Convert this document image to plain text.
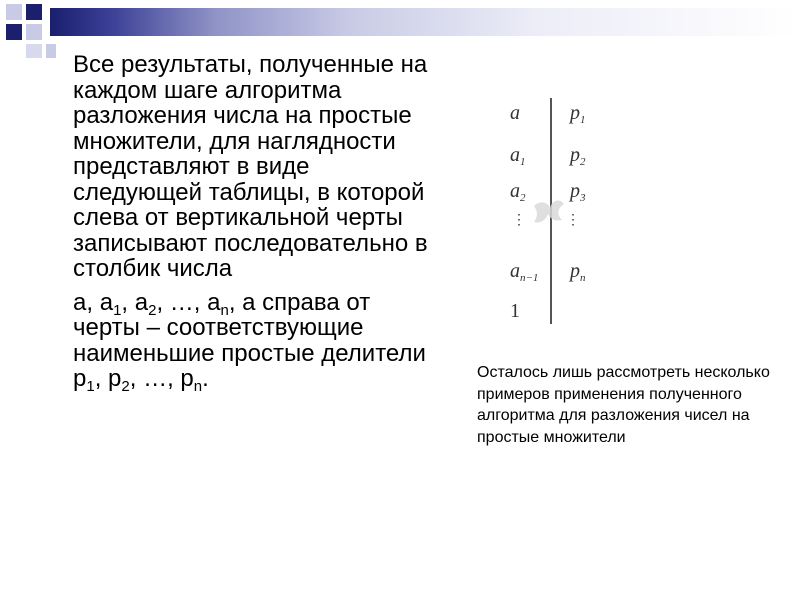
Все результаты, полученные на каждом шаге алгоритма разложения числа на простые множители, для наглядности представляют в виде следующей таблицы, в которой слева от вертикальной черты записывают последовательно в столбик числа

a, $a_1$, $a_2$, …, $a_n$, а справа от черты – соответствующие наименьшие простые делители $p_1$, $p_2$, …, $p_n$.

a
$a_1$
$a_2$
⋮
$a_{n-1}$
1
$p_1$
$p_2$
$p_3$
⋮
$p_n$
Осталось лишь рассмотреть несколько примеров применения полученного алгоритма для разложения чисел на простые множители
